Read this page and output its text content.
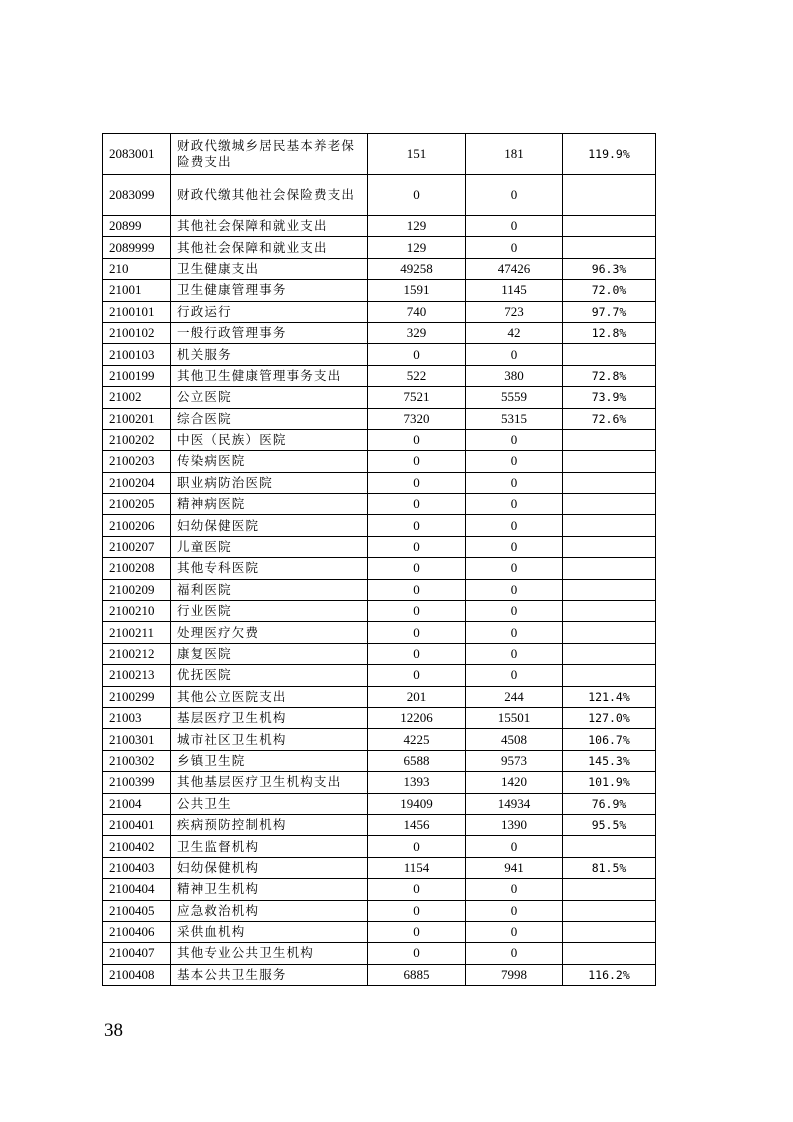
2083001	财政代缴城乡居民基本养老保险费支出	151	181	119.9%
2083099	财政代缴其他社会保险费支出	0	0	
20899	其他社会保障和就业支出	129	0	
2089999	其他社会保障和就业支出	129	0	
210	卫生健康支出	49258	47426	96.3%
21001	卫生健康管理事务	1591	1145	72.0%
2100101	行政运行	740	723	97.7%
2100102	一般行政管理事务	329	42	12.8%
2100103	机关服务	0	0	
2100199	其他卫生健康管理事务支出	522	380	72.8%
21002	公立医院	7521	5559	73.9%
2100201	综合医院	7320	5315	72.6%
2100202	中医（民族）医院	0	0	
2100203	传染病医院	0	0	
2100204	职业病防治医院	0	0	
2100205	精神病医院	0	0	
2100206	妇幼保健医院	0	0	
2100207	儿童医院	0	0	
2100208	其他专科医院	0	0	
2100209	福利医院	0	0	
2100210	行业医院	0	0	
2100211	处理医疗欠费	0	0	
2100212	康复医院	0	0	
2100213	优抚医院	0	0	
2100299	其他公立医院支出	201	244	121.4%
21003	基层医疗卫生机构	12206	15501	127.0%
2100301	城市社区卫生机构	4225	4508	106.7%
2100302	乡镇卫生院	6588	9573	145.3%
2100399	其他基层医疗卫生机构支出	1393	1420	101.9%
21004	公共卫生	19409	14934	76.9%
2100401	疾病预防控制机构	1456	1390	95.5%
2100402	卫生监督机构	0	0	
2100403	妇幼保健机构	1154	941	81.5%
2100404	精神卫生机构	0	0	
2100405	应急救治机构	0	0	
2100406	采供血机构	0	0	
2100407	其他专业公共卫生机构	0	0	
2100408	基本公共卫生服务	6885	7998	116.2%
38
